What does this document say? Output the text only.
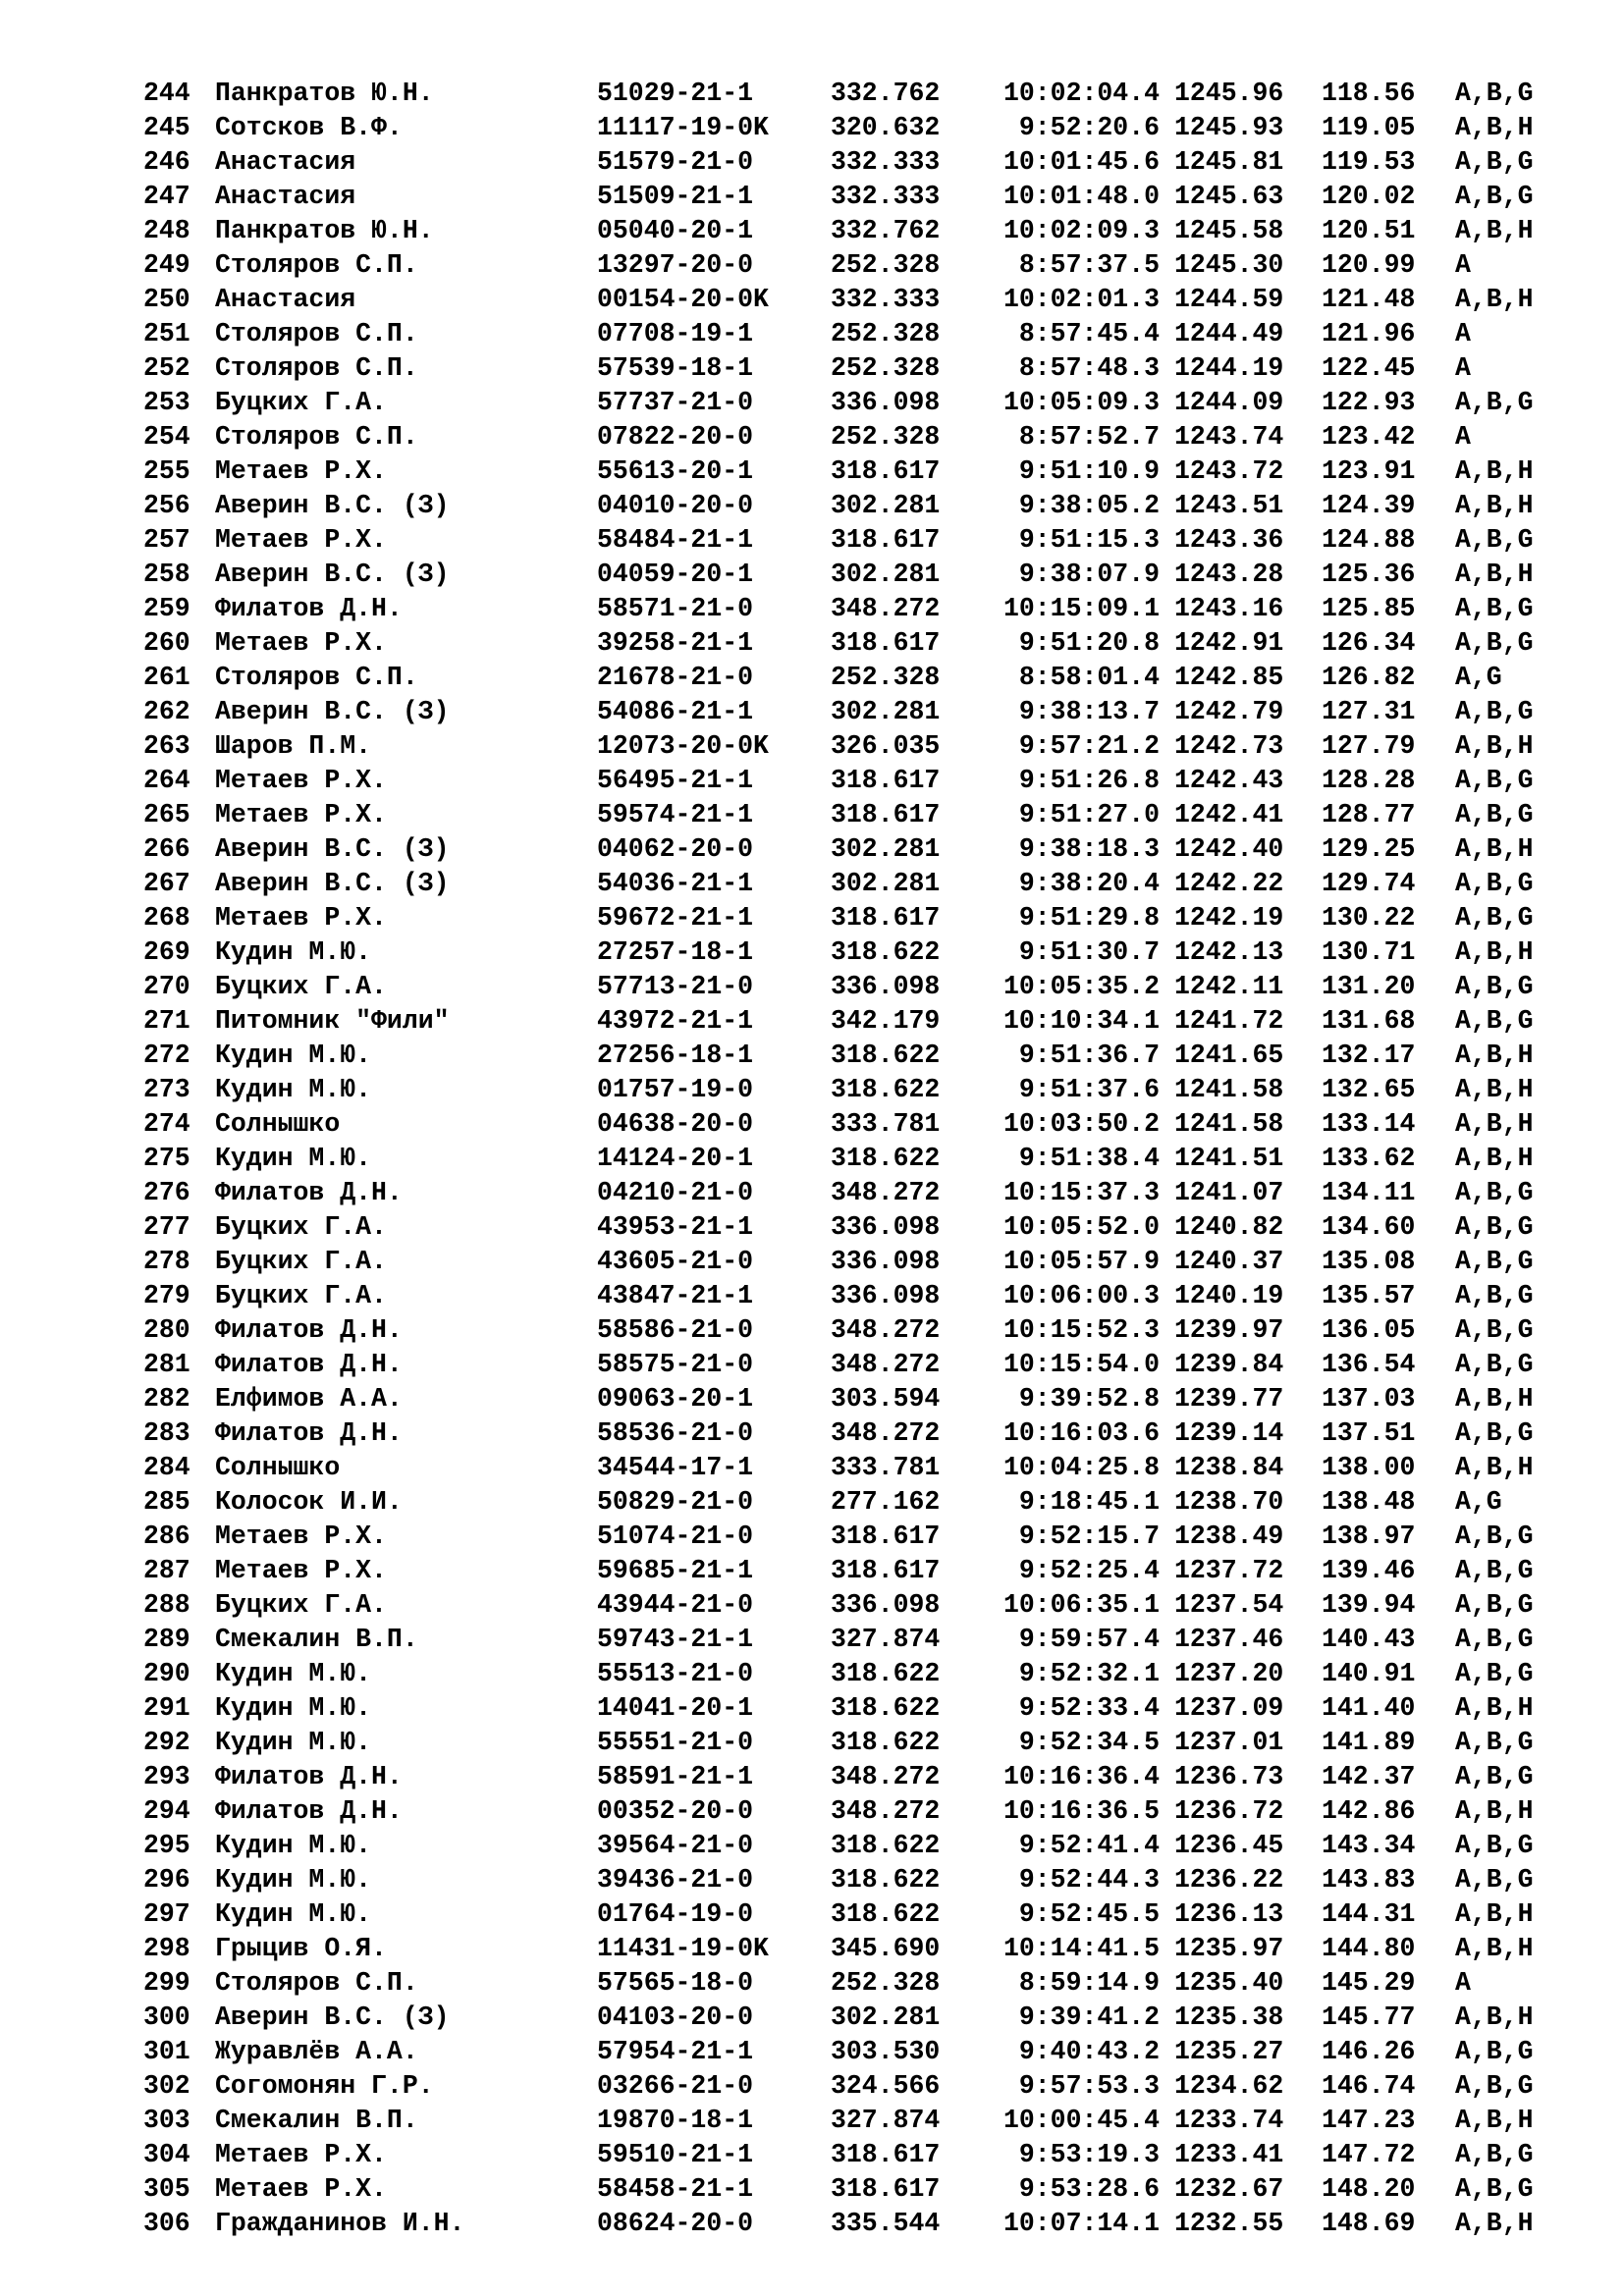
244 Панкратов Ю.Н.	51029-21-1	332.762	10:02:04.4 1245.96 118.56 A,B,G
245 Сотсков В.Ф.	11117-19-0K 320.632	9:52:20.6 1245.93 119.05 A,B,H
246 Анастасия	51579-21-0	332.333	10:01:45.6 1245.81 119.53 A,B,G
247 Анастасия	51509-21-1	332.333	10:01:48.0 1245.63 120.02 A,B,G
248 Панкратов Ю.Н.	05040-20-1	332.762	10:02:09.3 1245.58 120.51 A,B,H
249 Столяров С.П.	13297-20-0	252.328	8:57:37.5 1245.30 120.99 A
250 Анастасия	00154-20-0K 332.333	10:02:01.3 1244.59 121.48 A,B,H
251 Столяров С.П.	07708-19-1	252.328	8:57:45.4 1244.49 121.96 A
252 Столяров С.П.	57539-18-1	252.328	8:57:48.3 1244.19 122.45 A
253 Буцких Г.А.	57737-21-0	336.098	10:05:09.3 1244.09 122.93 A,B,G
254 Столяров С.П.	07822-20-0	252.328	8:57:52.7 1243.74 123.42 A
255 Метаев Р.Х.	55613-20-1	318.617	9:51:10.9 1243.72 123.91 A,B,H
256 Аверин В.С. (З)	04010-20-0	302.281	9:38:05.2 1243.51 124.39 A,B,H
257 Метаев Р.Х.	58484-21-1	318.617	9:51:15.3 1243.36 124.88 A,B,G
258 Аверин В.С. (З)	04059-20-1	302.281	9:38:07.9 1243.28 125.36 A,B,H
259 Филатов Д.Н.	58571-21-0	348.272	10:15:09.1 1243.16 125.85 A,B,G
260 Метаев Р.Х.	39258-21-1	318.617	9:51:20.8 1242.91 126.34 A,B,G
261 Столяров С.П.	21678-21-0	252.328	8:58:01.4 1242.85 126.82 A,G
262 Аверин В.С. (З)	54086-21-1	302.281	9:38:13.7 1242.79 127.31 A,B,G
263 Шаров П.М.	12073-20-0K 326.035	9:57:21.2 1242.73 127.79 A,B,H
264 Метаев Р.Х.	56495-21-1	318.617	9:51:26.8 1242.43 128.28 A,B,G
265 Метаев Р.Х.	59574-21-1	318.617	9:51:27.0 1242.41 128.77 A,B,G
266 Аверин В.С. (З)	04062-20-0	302.281	9:38:18.3 1242.40 129.25 A,B,H
267 Аверин В.С. (З)	54036-21-1	302.281	9:38:20.4 1242.22 129.74 A,B,G
268 Метаев Р.Х.	59672-21-1	318.617	9:51:29.8 1242.19 130.22 A,B,G
269 Кудин М.Ю.	27257-18-1	318.622	9:51:30.7 1242.13 130.71 A,B,H
270 Буцких Г.А.	57713-21-0	336.098	10:05:35.2 1242.11 131.20 A,B,G
271 Питомник "Фили"	43972-21-1	342.179	10:10:34.1 1241.72 131.68 A,B,G
272 Кудин М.Ю.	27256-18-1	318.622	9:51:36.7 1241.65 132.17 A,B,H
273 Кудин М.Ю.	01757-19-0	318.622	9:51:37.6 1241.58 132.65 A,B,H
274 Солнышко	04638-20-0	333.781	10:03:50.2 1241.58 133.14 A,B,H
275 Кудин М.Ю.	14124-20-1	318.622	9:51:38.4 1241.51 133.62 A,B,H
276 Филатов Д.Н.	04210-21-0	348.272	10:15:37.3 1241.07 134.11 A,B,G
277 Буцких Г.А.	43953-21-1	336.098	10:05:52.0 1240.82 134.60 A,B,G
278 Буцких Г.А.	43605-21-0	336.098	10:05:57.9 1240.37 135.08 A,B,G
279 Буцких Г.А.	43847-21-1	336.098	10:06:00.3 1240.19 135.57 A,B,G
280 Филатов Д.Н.	58586-21-0	348.272	10:15:52.3 1239.97 136.05 A,B,G
281 Филатов Д.Н.	58575-21-0	348.272	10:15:54.0 1239.84 136.54 A,B,G
282 Елфимов А.А.	09063-20-1	303.594	9:39:52.8 1239.77 137.03 A,B,H
283 Филатов Д.Н.	58536-21-0	348.272	10:16:03.6 1239.14 137.51 A,B,G
284 Солнышко	34544-17-1	333.781	10:04:25.8 1238.84 138.00 A,B,H
285 Колосок И.И.	50829-21-0	277.162	9:18:45.1 1238.70 138.48 A,G
286 Метаев Р.Х.	51074-21-0	318.617	9:52:15.7 1238.49 138.97 A,B,G
287 Метаев Р.Х.	59685-21-1	318.617	9:52:25.4 1237.72 139.46 A,B,G
288 Буцких Г.А.	43944-21-0	336.098	10:06:35.1 1237.54 139.94 A,B,G
289 Смекалин В.П.	59743-21-1	327.874	9:59:57.4 1237.46 140.43 A,B,G
290 Кудин М.Ю.	55513-21-0	318.622	9:52:32.1 1237.20 140.91 A,B,G
291 Кудин М.Ю.	14041-20-1	318.622	9:52:33.4 1237.09 141.40 A,B,H
292 Кудин М.Ю.	55551-21-0	318.622	9:52:34.5 1237.01 141.89 A,B,G
293 Филатов Д.Н.	58591-21-1	348.272	10:16:36.4 1236.73 142.37 A,B,G
294 Филатов Д.Н.	00352-20-0	348.272	10:16:36.5 1236.72 142.86 A,B,H
295 Кудин М.Ю.	39564-21-0	318.622	9:52:41.4 1236.45 143.34 A,B,G
296 Кудин М.Ю.	39436-21-0	318.622	9:52:44.3 1236.22 143.83 A,B,G
297 Кудин М.Ю.	01764-19-0	318.622	9:52:45.5 1236.13 144.31 A,B,H
298 Грыцив О.Я.	11431-19-0K 345.690	10:14:41.5 1235.97 144.80 A,B,H
299 Столяров С.П.	57565-18-0	252.328	8:59:14.9 1235.40 145.29 A
300 Аверин В.С. (З)	04103-20-0	302.281	9:39:41.2 1235.38 145.77 A,B,H
301 Журавлёв А.А.	57954-21-1	303.530	9:40:43.2 1235.27 146.26 A,B,G
302 Согомонян Г.Р.	03266-21-0	324.566	9:57:53.3 1234.62 146.74 A,B,G
303 Смекалин В.П.	19870-18-1	327.874	10:00:45.4 1233.74 147.23 A,B,H
304 Метаев Р.Х.	59510-21-1	318.617	9:53:19.3 1233.41 147.72 A,B,G
305 Метаев Р.Х.	58458-21-1	318.617	9:53:28.6 1232.67 148.20 A,B,G
306 Гражданинов И.Н.	08624-20-0	335.544	10:07:14.1 1232.55 148.69 A,B,H
